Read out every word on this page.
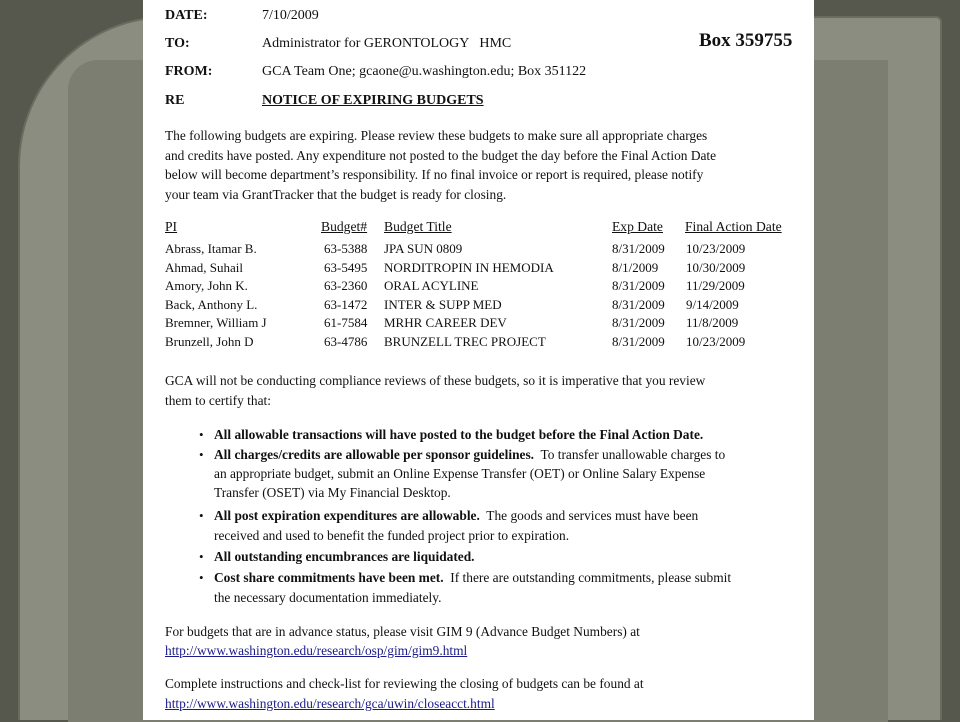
DATE:	7/10/2009
TO:	Administrator for GERONTOLOGY   HMC	Box 359755
FROM:	GCA Team One; gcaone@u.washington.edu; Box 351122
RE	NOTICE OF EXPIRING BUDGETS
The following budgets are expiring. Please review these budgets to make sure all appropriate charges
and credits have posted. Any expenditure not posted to the budget the day before the Final Action Date
below will become department’s responsibility. If no final invoice or report is required, please notify
your team via GrantTracker that the budget is ready for closing.
PI	Budget# Budget Title	Exp Date Final Action Date
Abrass, Itamar B.	63-5388 JPA SUN 0809	8/31/2009 10/23/2009
Ahmad, Suhail	63-5495 NORDITROPIN IN HEMODIA	8/1/2009 10/30/2009
Amory, John K.	63-2360 ORAL ACYLINE	8/31/2009 11/29/2009
Back, Anthony L.	63-1472 INTER & SUPP MED	8/31/2009 9/14/2009
Bremner, William J	61-7584 MRHR CAREER DEV	8/31/2009 11/8/2009
Brunzell, John D	63-4786 BRUNZELL TREC PROJECT	8/31/2009 10/23/2009
GCA will not be conducting compliance reviews of these budgets, so it is imperative that you review
them to certify that:
• All allowable transactions will have posted to the budget before the Final Action Date.
• All charges/credits are allowable per sponsor guidelines.  To transfer unallowable charges to
an appropriate budget, submit an Online Expense Transfer (OET) or Online Salary Expense
Transfer (OSET) via My Financial Desktop.
• All post expiration expenditures are allowable.  The goods and services must have been
received and used to benefit the funded project prior to expiration.
• All outstanding encumbrances are liquidated.
• Cost share commitments have been met.  If there are outstanding commitments, please submit
the necessary documentation immediately.
For budgets that are in advance status, please visit GIM 9 (Advance Budget Numbers) at
http://www.washington.edu/research/osp/gim/gim9.html
Complete instructions and check-list for reviewing the closing of budgets can be found at
http://www.washington.edu/research/gca/uwin/closeacct.html
